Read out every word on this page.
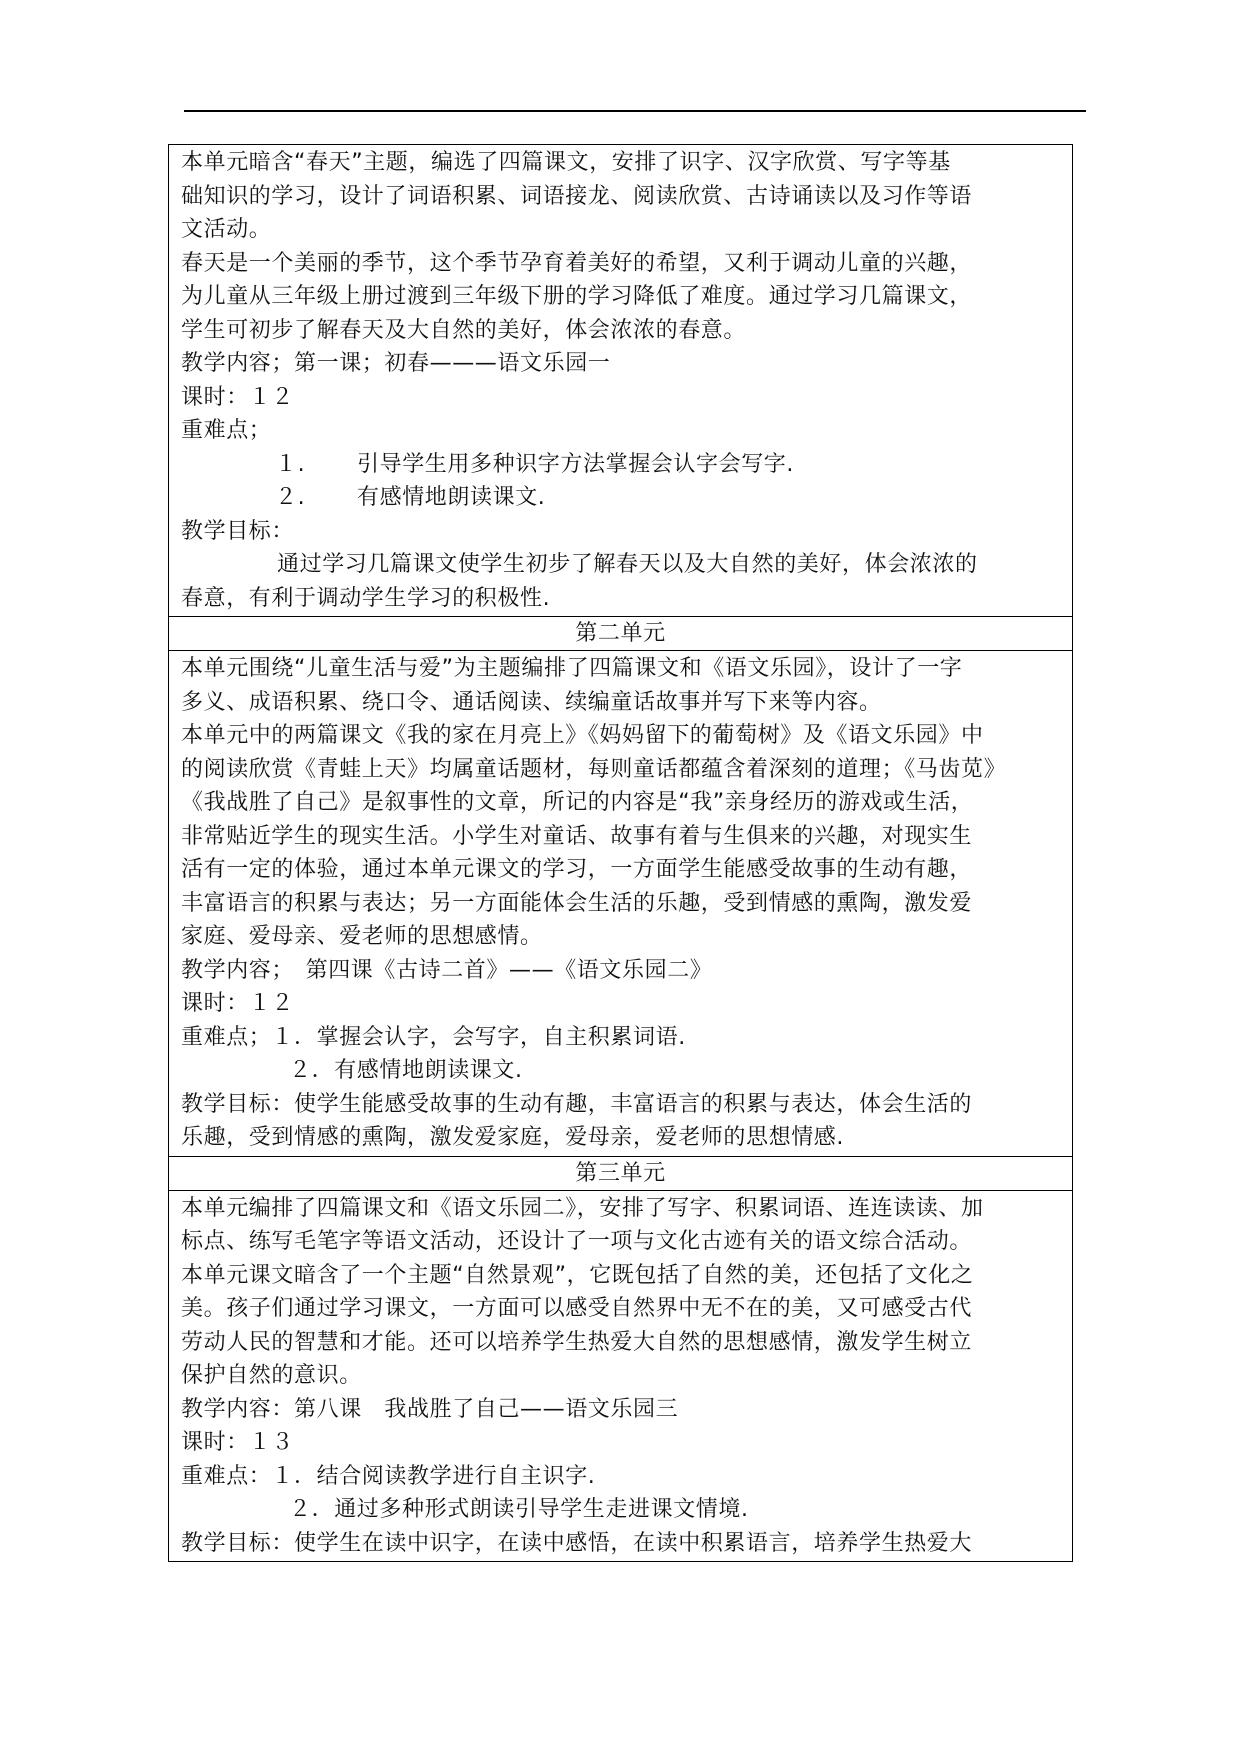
本单元暗含“春天”主题，编选了四篇课文，安排了识字、汉字欣赏、写字等基

础知识的学习，设计了词语积累、词语接龙、阅读欣赏、古诗诵读以及习作等语

文活动。

春天是一个美丽的季节，这个季节孕育着美好的希望，又利于调动儿童的兴趣，

为儿童从三年级上册过渡到三年级下册的学习降低了难度。通过学习几篇课文，

学生可初步了解春天及大自然的美好，体会浓浓的春意。

教学内容；第一课；初春———语文乐园一

课时：１２

重难点；

１. 引导学生用多种识字方法掌握会认字会写字.

２. 有感情地朗读课文.

教学目标：

通过学习几篇课文使学生初步了解春天以及大自然的美好，体会浓浓的

春意，有利于调动学生学习的积极性.

第二单元

本单元围绕“儿童生活与爱”为主题编排了四篇课文和《语文乐园》，设计了一字

多义、成语积累、绕口令、通话阅读、续编童话故事并写下来等内容。

本单元中的两篇课文《我的家在月亮上》《妈妈留下的葡萄树》及《语文乐园》中

的阅读欣赏《青蛙上天》均属童话题材，每则童话都蕴含着深刻的道理；《马齿苋》

《我战胜了自己》是叙事性的文章，所记的内容是“我”亲身经历的游戏或生活，

非常贴近学生的现实生活。小学生对童话、故事有着与生俱来的兴趣，对现实生

活有一定的体验，通过本单元课文的学习，一方面学生能感受故事的生动有趣，

丰富语言的积累与表达；另一方面能体会生活的乐趣，受到情感的熏陶，激发爱

家庭、爱母亲、爱老师的思想感情。

教学内容；　第四课《古诗二首》——《语文乐园二》

课时：１２

重难点；１．掌握会认字，会写字，自主积累词语.

２．有感情地朗读课文.

教学目标：使学生能感受故事的生动有趣，丰富语言的积累与表达，体会生活的

乐趣，受到情感的熏陶，激发爱家庭，爱母亲，爱老师的思想情感.

第三单元

本单元编排了四篇课文和《语文乐园二》，安排了写字、积累词语、连连读读、加

标点、练写毛笔字等语文活动，还设计了一项与文化古迹有关的语文综合活动。

本单元课文暗含了一个主题“自然景观”，它既包括了自然的美，还包括了文化之

美。孩子们通过学习课文，一方面可以感受自然界中无不在的美，又可感受古代

劳动人民的智慧和才能。还可以培养学生热爱大自然的思想感情，激发学生树立

保护自然的意识。

教学内容：第八课　我战胜了自己——语文乐园三

课时：１３

重难点：１．结合阅读教学进行自主识字.

２．通过多种形式朗读引导学生走进课文情境.

教学目标：使学生在读中识字，在读中感悟，在读中积累语言，培养学生热爱大
